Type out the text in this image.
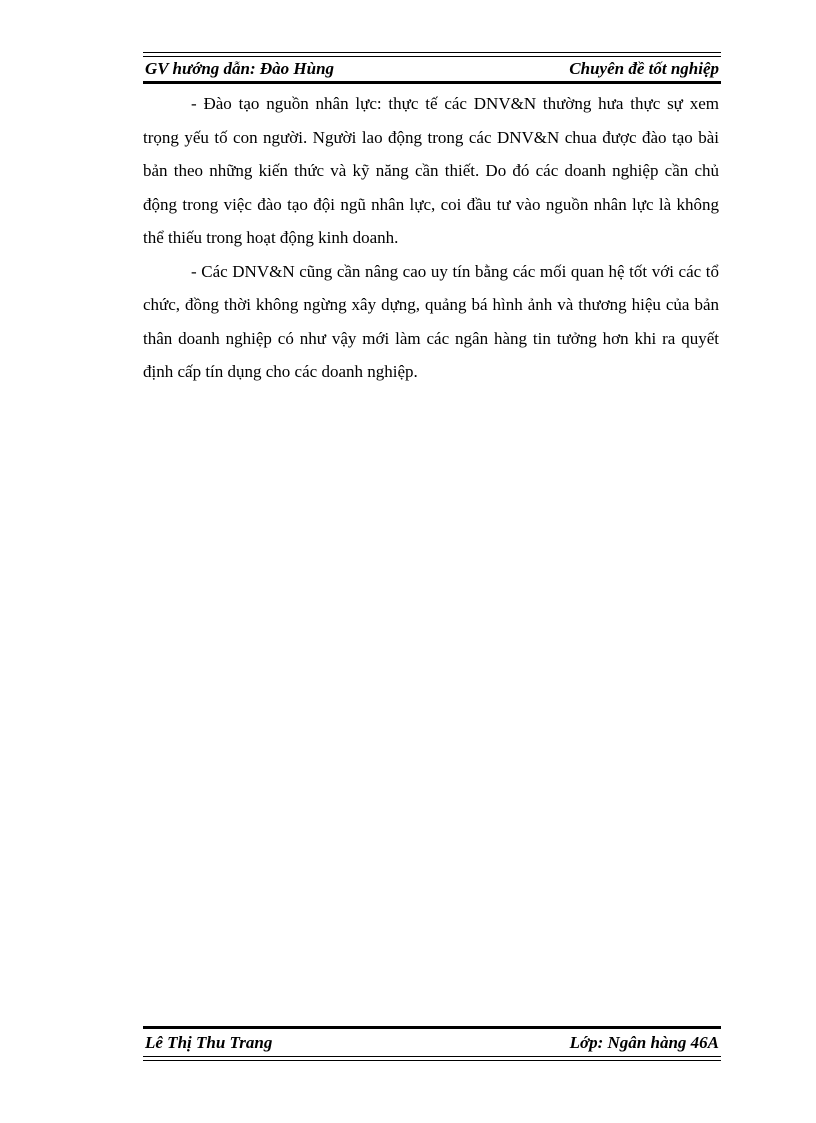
GV hướng dẫn: Đào Hùng	Chuyên đề tốt nghiệp

- Đào tạo nguồn nhân lực: thực tế các DNV&N thường hưa thực sự xem trọng yếu tố con người. Người lao động trong các DNV&N chua được đào tạo bài bản theo những kiến thức và kỹ năng cần thiết. Do đó các doanh nghiệp cần chủ động trong việc đào tạo đội ngũ nhân lực, coi đầu tư vào nguồn nhân lực là không thể thiếu trong hoạt động kinh doanh.

- Các DNV&N cũng cần nâng cao uy tín bằng các mối quan hệ tốt với các tổ chức, đồng thời không ngừng xây dựng, quảng bá hình ảnh và thương hiệu của bản thân doanh nghiệp có như vậy mới làm các ngân hàng tin tưởng hơn khi ra quyết định cấp tín dụng cho các doanh nghiệp.

Lê Thị Thu Trang	Lớp: Ngân hàng 46A
